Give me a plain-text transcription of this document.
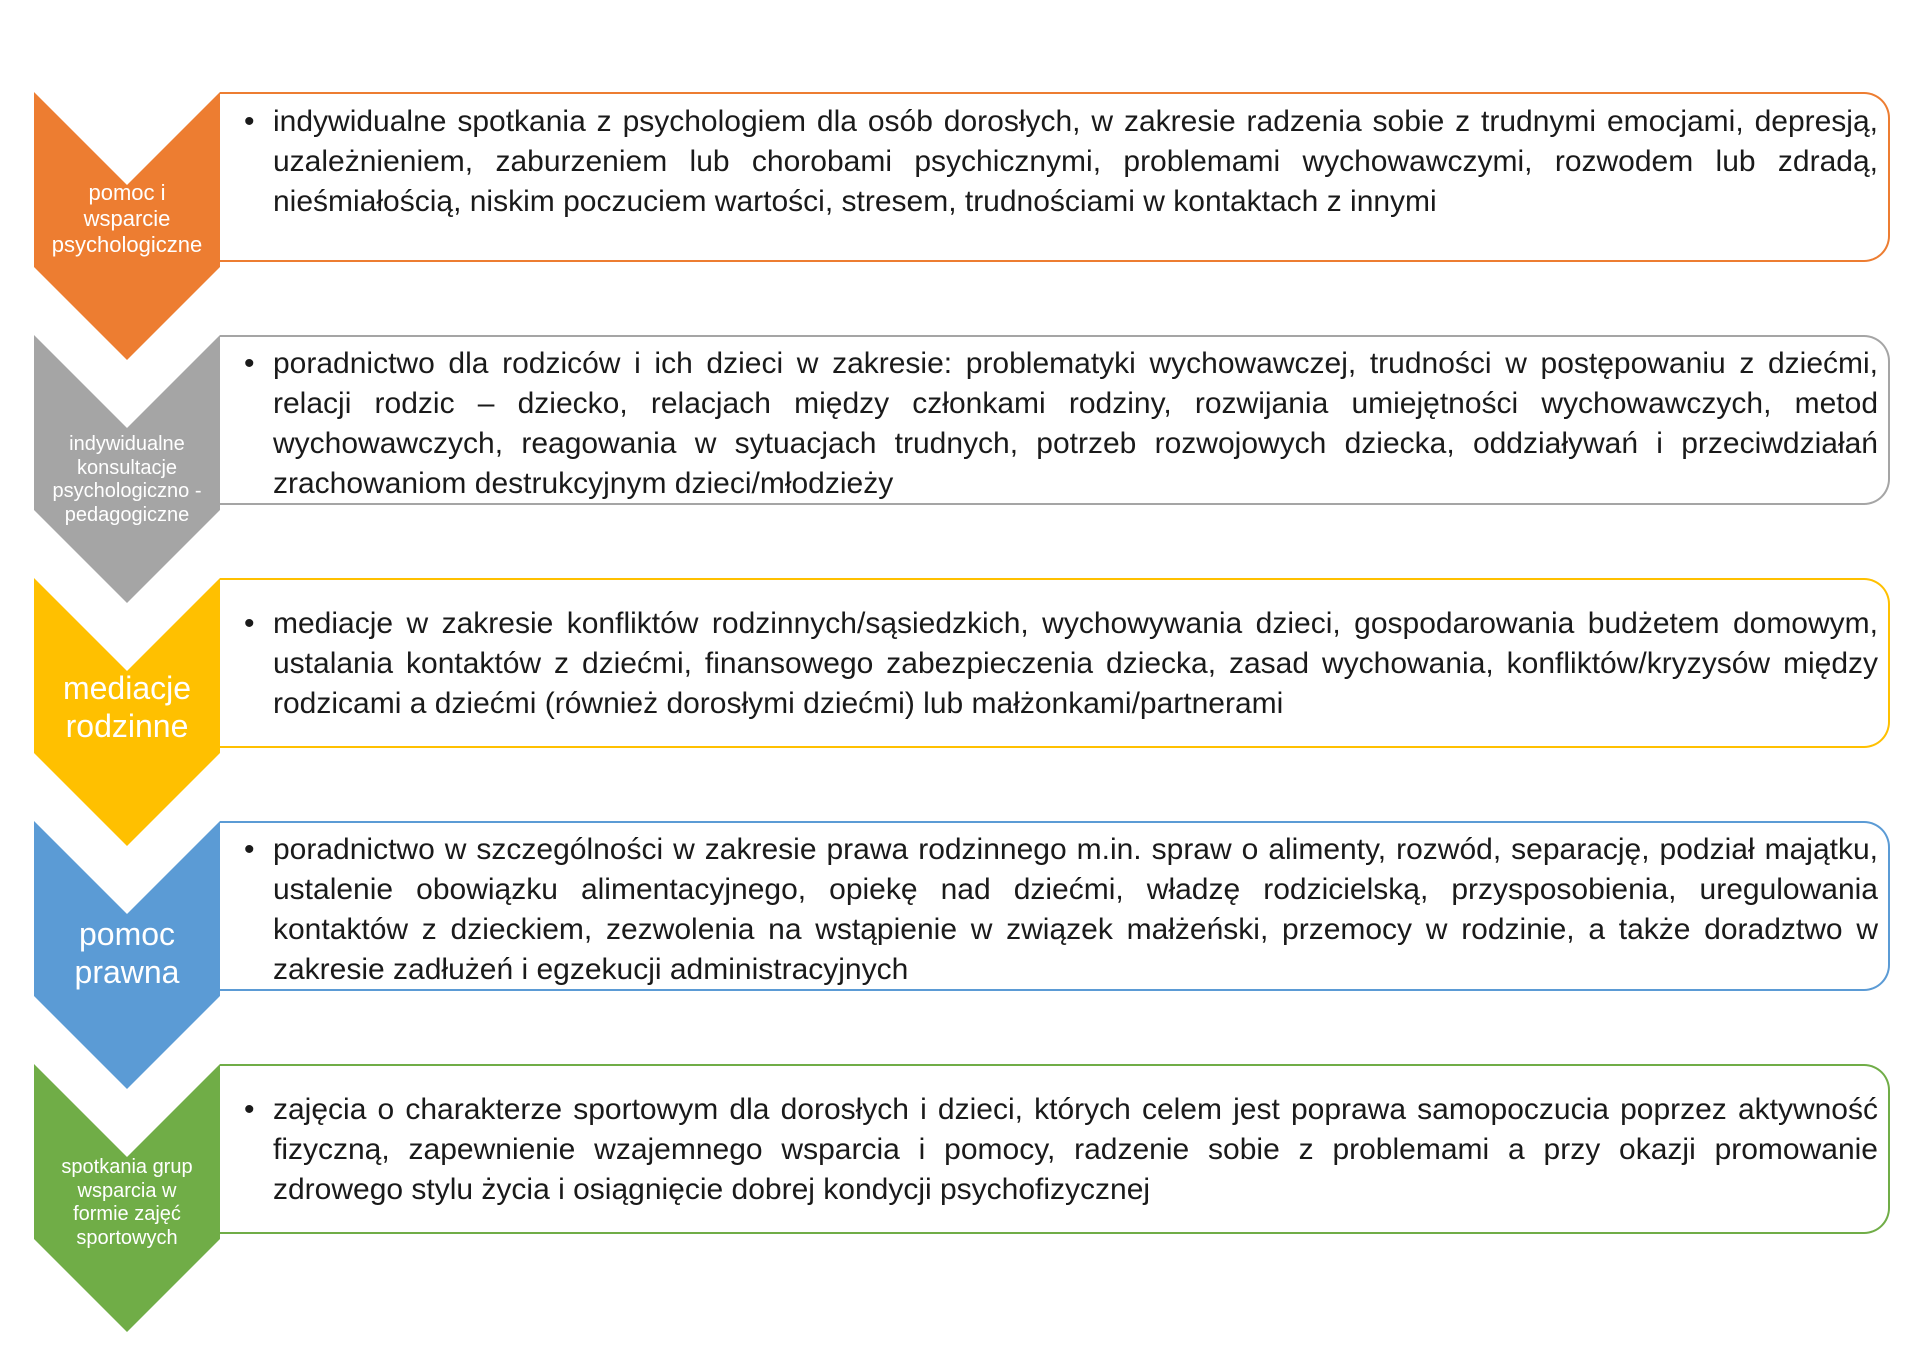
pomoc i
wsparcie
psychologiczne
• indywidualne spotkania z psychologiem dla osób dorosłych, w zakresie radzenia sobie z trudnymi emocjami, depresją, uzależnieniem, zaburzeniem lub chorobami psychicznymi, problemami wychowawczymi, rozwodem lub zdradą, nieśmiałością, niskim poczuciem wartości, stresem, trudnościami w kontaktach z innymi
indywidualne
konsultacje
psychologiczno -
pedagogiczne
• poradnictwo dla rodziców i ich dzieci w zakresie: problematyki wychowawczej, trudności w postępowaniu z dziećmi, relacji rodzic – dziecko, relacjach między członkami rodziny, rozwijania umiejętności wychowawczych, metod wychowawczych, reagowania w sytuacjach trudnych, potrzeb rozwojowych dziecka, oddziaływań i przeciwdziałań zrachowaniom destrukcyjnym dzieci/młodzieży
mediacje
rodzinne
• mediacje w zakresie konfliktów rodzinnych/sąsiedzkich, wychowywania dzieci, gospodarowania budżetem domowym, ustalania kontaktów z dziećmi, finansowego zabezpieczenia dziecka, zasad wychowania, konfliktów/kryzysów między rodzicami a dziećmi (również dorosłymi dziećmi) lub małżonkami/partnerami
pomoc
prawna
• poradnictwo w szczególności w zakresie prawa rodzinnego m.in. spraw o alimenty, rozwód, separację, podział majątku, ustalenie obowiązku alimentacyjnego, opiekę nad dziećmi, władzę rodzicielską, przysposobienia, uregulowania kontaktów z dzieckiem, zezwolenia na wstąpienie w związek małżeński, przemocy w rodzinie, a także doradztwo w zakresie zadłużeń i egzekucji administracyjnych
spotkania grup
wsparcia w
formie zajęć
sportowych
• zajęcia o charakterze sportowym dla dorosłych i dzieci, których celem jest poprawa samopoczucia poprzez aktywność fizyczną, zapewnienie wzajemnego wsparcia i pomocy, radzenie sobie z problemami a przy okazji promowanie zdrowego stylu życia i osiągnięcie dobrej kondycji psychofizycznej
